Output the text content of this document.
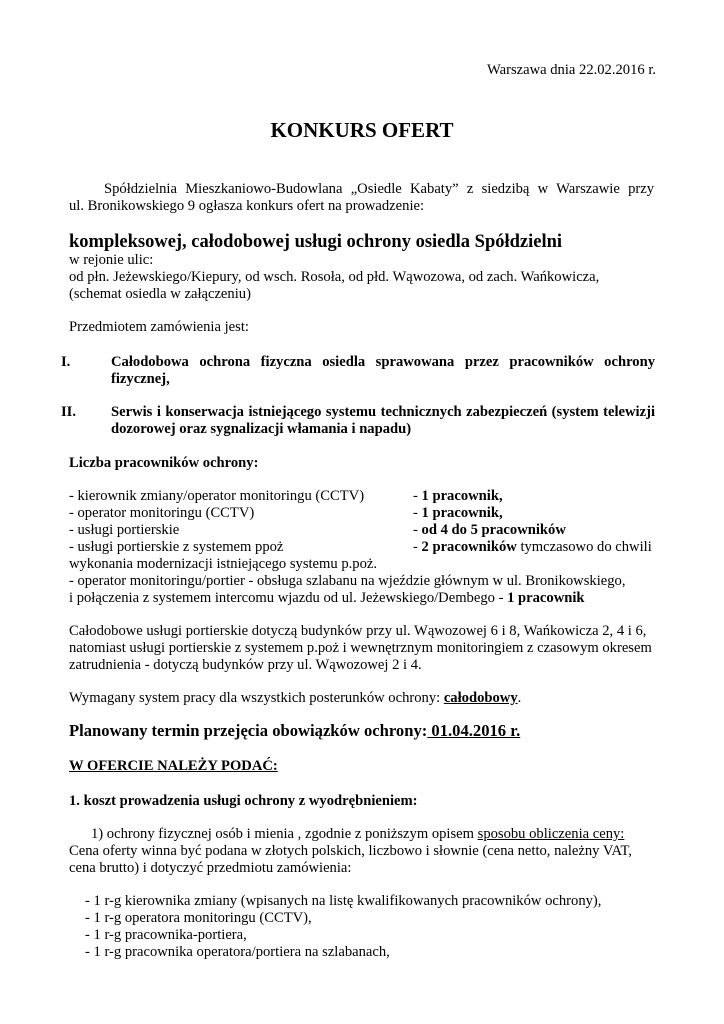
Warszawa dnia 22.02.2016 r.
KONKURS OFERT
Spółdzielnia Mieszkaniowo-Budowlana „Osiedle Kabaty” z siedzibą w Warszawie przy
ul. Bronikowskiego 9 ogłasza konkurs ofert na prowadzenie:
kompleksowej, całodobowej usługi ochrony osiedla Spółdzielni
w rejonie ulic:
od płn. Jeżewskiego/Kiepury, od wsch. Rosoła, od płd. Wąwozowa, od zach. Wańkowicza,
(schemat osiedla w załączeniu)
Przedmiotem zamówienia jest:
I.	Całodobowa ochrona fizyczna osiedla sprawowana przez pracowników ochrony
fizycznej,
II. Serwis i konserwacja istniejącego systemu technicznych zabezpieczeń (system telewizji
dozorowej oraz sygnalizacji włamania i napadu)
Liczba pracowników ochrony:
- kierownik zmiany/operator monitoringu (CCTV)	- 1 pracownik,
- operator monitoringu (CCTV)	- 1 pracownik,
- usługi portierskie	- od 4 do 5 pracowników
- usługi portierskie z systemem ppoż	- 2 pracowników tymczasowo do chwili
wykonania modernizacji istniejącego systemu p.poż.
- operator monitoringu/portier - obsługa szlabanu na wjeździe głównym w ul. Bronikowskiego,
i połączenia z systemem intercomu wjazdu od ul. Jeżewskiego/Dembego - 1 pracownik
Całodobowe usługi portierskie dotyczą budynków przy ul. Wąwozowej 6 i 8, Wańkowicza 2, 4 i 6,
natomiast usługi portierskie z systemem p.poż i wewnętrznym monitoringiem z czasowym okresem
zatrudnienia - dotyczą budynków przy ul. Wąwozowej 2 i 4.
Wymagany system pracy dla wszystkich posterunków ochrony: całodobowy.
Planowany termin przejęcia obowiązków ochrony: 01.04.2016 r.
W OFERCIE NALEŻY PODAĆ:
1. koszt prowadzenia usługi ochrony z wyodrębnieniem:
1) ochrony fizycznej osób i mienia , zgodnie z poniższym opisem sposobu obliczenia ceny:
Cena oferty winna być podana w złotych polskich, liczbowo i słownie (cena netto, należny VAT,
cena brutto) i dotyczyć przedmiotu zamówienia:
- 1 r-g kierownika zmiany (wpisanych na listę kwalifikowanych pracowników ochrony),
- 1 r-g operatora monitoringu (CCTV),
- 1 r-g pracownika-portiera,
- 1 r-g pracownika operatora/portiera na szlabanach,
